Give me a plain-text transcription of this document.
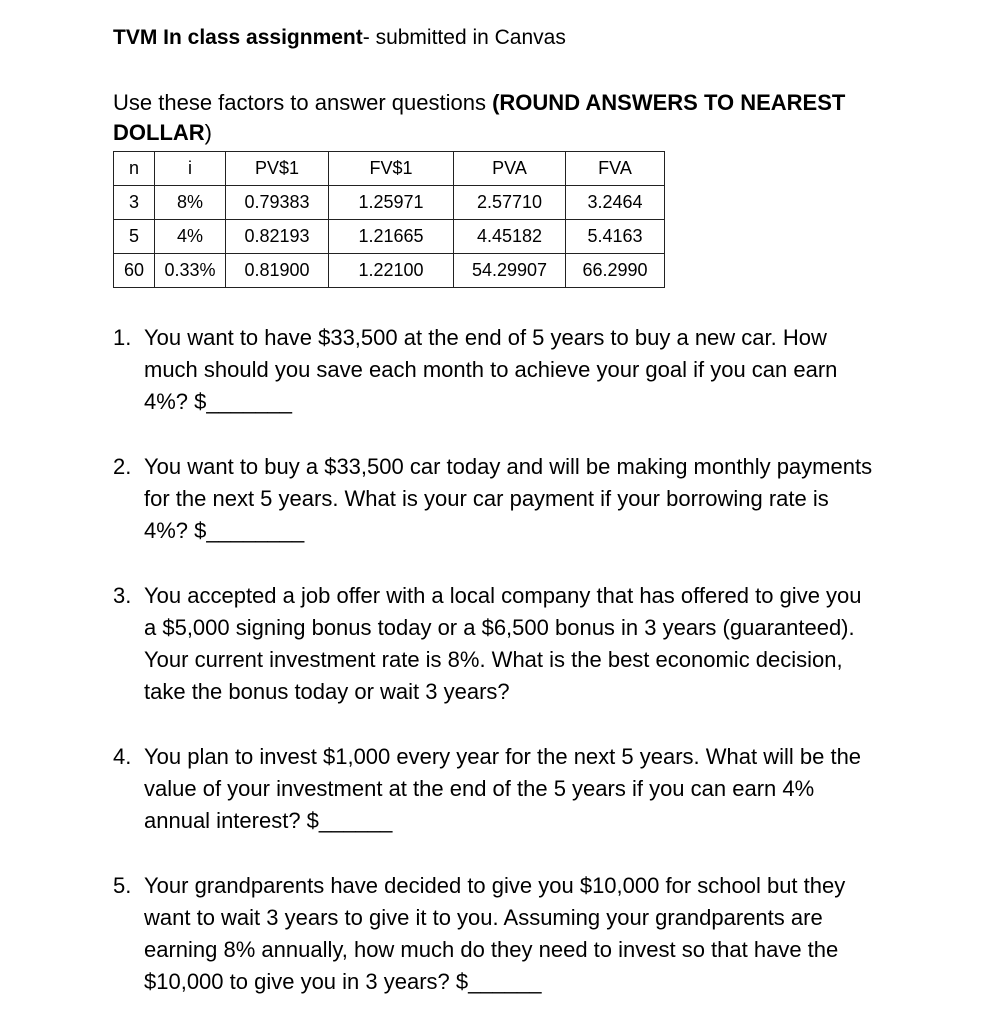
TVM In class assignment- submitted in Canvas
Use these factors to answer questions (ROUND ANSWERS TO NEAREST DOLLAR)
n	i	PV$1	FV$1	PVA	FVA
3	8%	0.79383	1.25971	2.57710	3.2464
5	4%	0.82193	1.21665	4.45182	5.4163
60	0.33%	0.81900	1.22100	54.29907	66.2990
1. You want to have $33,500 at the end of 5 years to buy a new car. How much should you save each month to achieve your goal if you can earn 4%? $_______
2. You want to buy a $33,500 car today and will be making monthly payments for the next 5 years. What is your car payment if your borrowing rate is 4%? $________
3. You accepted a job offer with a local company that has offered to give you a $5,000 signing bonus today or a $6,500 bonus in 3 years (guaranteed). Your current investment rate is 8%. What is the best economic decision, take the bonus today or wait 3 years?
4. You plan to invest $1,000 every year for the next 5 years. What will be the value of your investment at the end of the 5 years if you can earn 4% annual interest? $______
5. Your grandparents have decided to give you $10,000 for school but they want to wait 3 years to give it to you. Assuming your grandparents are earning 8% annually, how much do they need to invest so that have the $10,000 to give you in 3 years? $______
